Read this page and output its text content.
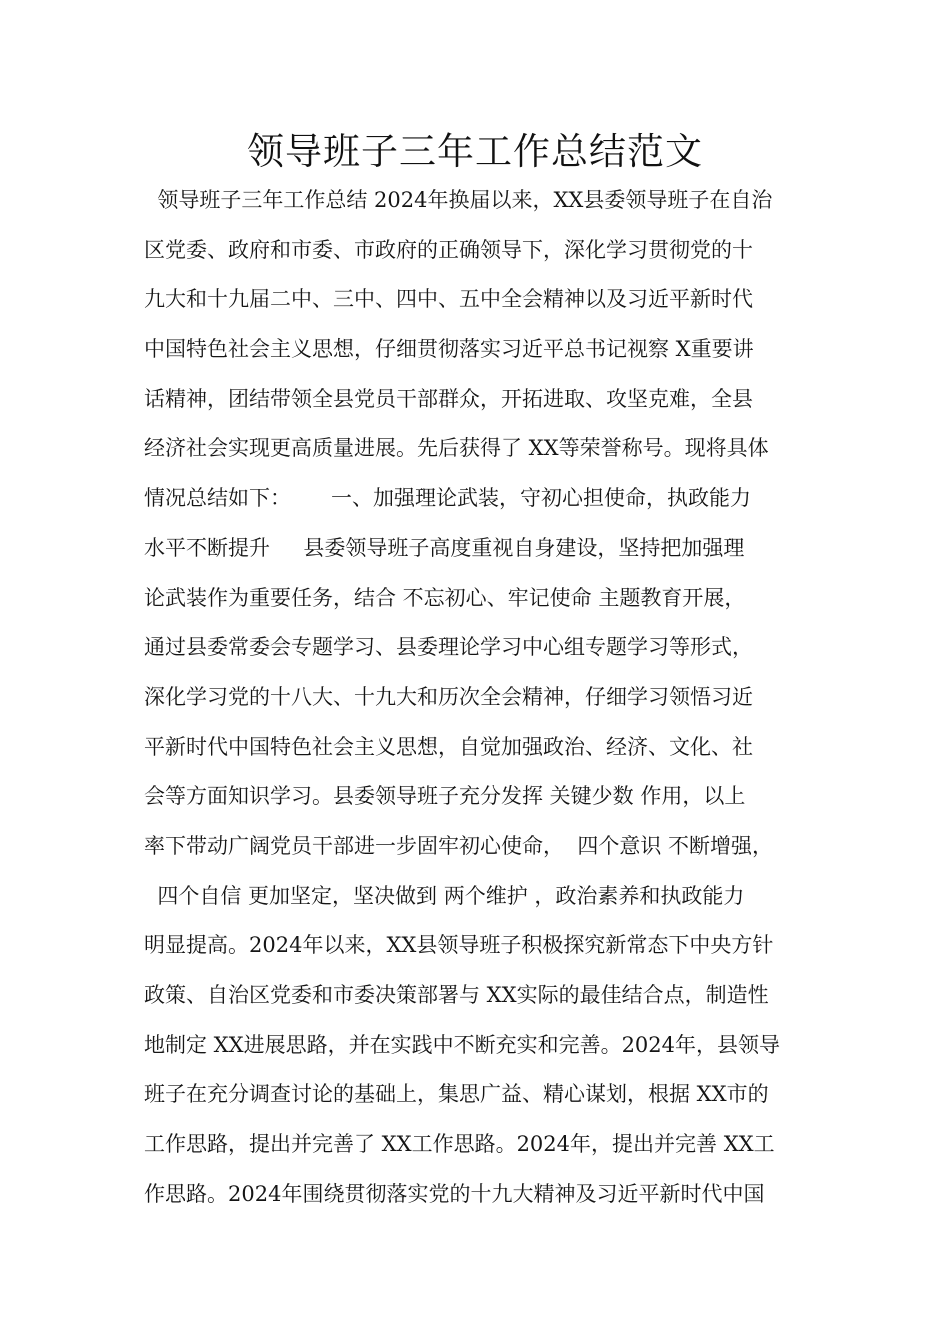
领导班子三年工作总结范文
领导班子三年工作总结 2024年换届以来，XX县委领导班子在自治
区党委、政府和市委、市政府的正确领导下，深化学习贯彻党的十
九大和十九届二中、三中、四中、五中全会精神以及习近平新时代
中国特色社会主义思想，仔细贯彻落实习近平总书记视察 X重要讲
话精神，团结带领全县党员干部群众，开拓进取、攻坚克难，全县
经济社会实现更高质量进展。先后获得了 XX等荣誉称号。现将具体
情况总结如下：      一、加强理论武装，守初心担使命，执政能力
水平不断提升     县委领导班子高度重视自身建设，坚持把加强理
论武装作为重要任务，结合 不忘初心、牢记使命 主题教育开展，
通过县委常委会专题学习、县委理论学习中心组专题学习等形式，
深化学习党的十八大、十九大和历次全会精神，仔细学习领悟习近
平新时代中国特色社会主义思想，自觉加强政治、经济、文化、社
会等方面知识学习。县委领导班子充分发挥 关键少数 作用，以上
率下带动广阔党员干部进一步固牢初心使命，  四个意识 不断增强，
四个自信 更加坚定，坚决做到 两个维护 ，政治素养和执政能力
明显提高。2024年以来，XX县领导班子积极探究新常态下中央方针
政策、自治区党委和市委决策部署与 XX实际的最佳结合点，制造性
地制定 XX进展思路，并在实践中不断充实和完善。2024年，县领导
班子在充分调查讨论的基础上，集思广益、精心谋划，根据 XX市的
工作思路，提出并完善了 XX工作思路。2024年，提出并完善 XX工
作思路。2024年围绕贯彻落实党的十九大精神及习近平新时代中国
